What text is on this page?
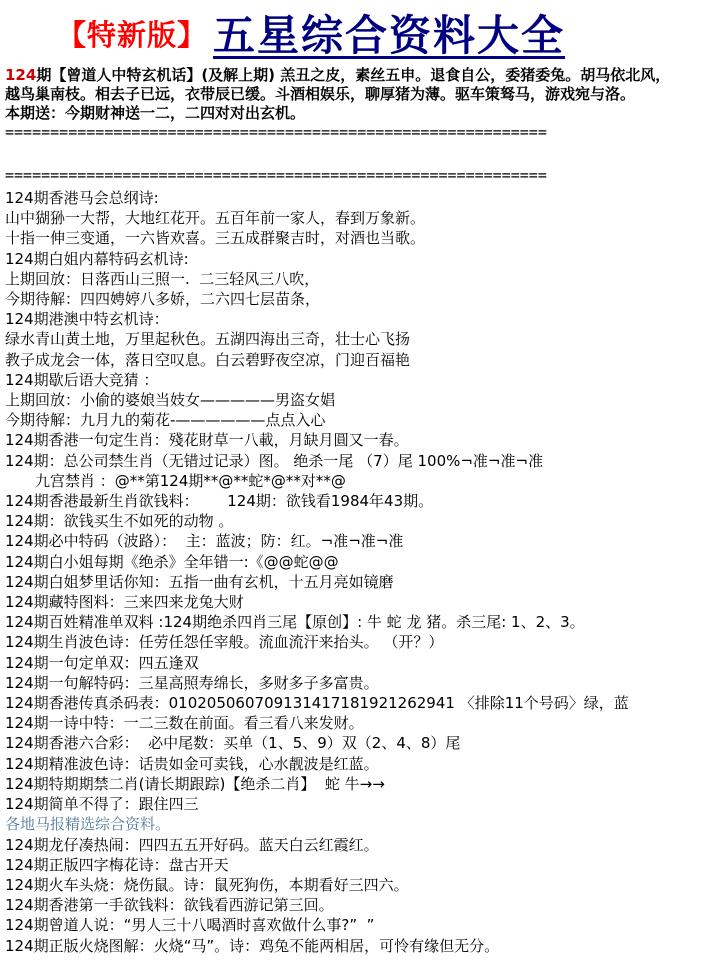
【特新版】 五星综合资料大全

124期【曾道人中特玄机话】(及解上期) 羔丑之皮，素丝五申。退食自公，委猪委兔。胡马依北风，
越鸟巢南枝。相去子已远，衣带辰已缓。斗酒相娱乐，聊厚猪为薄。驱车策驽马，游戏宛与洛。
本期送：今期财神送一二，二四对对出玄机。

============================================================
============================================================
124期香港马会总纲诗:
山中猢狲一大帮，大地红花开。五百年前一家人，春到万象新。
十指一伸三变通，一六皆欢喜。三五成群聚吉时，对酒也当歌。
124期白姐内幕特码玄机诗:
上期回放：日落西山三照一.  二三轻风三八吹，
今期待解：四四娉婷八多娇，二六四七层苗条，
124期港澳中特玄机诗：
绿水青山黄土地，万里起秋色。五湖四海出三奇，壮士心飞扬
教子成龙会一体，落日空叹息。白云碧野夜空凉，门迎百福艳
124期歇后语大竞猜 ：
上期回放：小偷的婆娘当妓女—————男盗女娼
今期待解：九月九的菊花-——————点点入心
124期香港一句定生肖：殘花財草一八載，月缺月圓又一春。
124期：总公司禁生肖（无错过记录）图。 绝杀一尾 （7）尾 100%¬准¬准¬准
　　九宫禁肖 ：@**第124期**@**蛇*@**对**@
124期香港最新生肖欲钱料：      124期：欲钱看1984年43期。
124期：欲钱买生不如死的动物 。
124期必中特码（波路）：  主：蓝波；防：红。¬准¬准¬准
124期白小姐每期《绝杀》全年错一:《@@蛇@@
124期白姐梦里话你知：五指一曲有玄机，十五月亮如镜磨
124期藏特图料：三来四来龙兔大财
124期百姓精准单双料 :124期绝杀四肖三尾【原创】: 牛 蛇 龙 猪。杀三尾: 1、2、3。
124期生肖波色诗：任劳任怨任宰般。流血流汗来抬头。 （开？）
124期一句定单双：四五逢双
124期一句解特码：三星高照寿绵长，多财多子多富贵。
124期香港传真杀码表：010205060709131417181921262941 〈排除11个号码〉绿，蓝
124期一诗中特：一二三数在前面。看三看八来发财。
124期香港六合彩：  必中尾数：买单（1、5、9）双（2、4、8）尾
124期精准波色诗：话贵如金可卖钱，心水靓波是红蓝。
124期特期期禁二肖(请长期跟踪)【绝杀二肖】  蛇 牛→→
124期简单不得了：跟住四三
各地马报精选综合资料。
124期龙仔凑热闹：四四五五开好码。蓝天白云红霞红。
124期正版四字梅花诗：盘古开天
124期火车头烧：烧伤鼠。诗：鼠死狗伤，本期看好三四六。
124期香港第一手欲钱料：欲钱看西游记第三回。
124期曾道人说：“男人三十八喝酒时喜欢做什么事?”  ”
124期正版火烧图解：火烧“马”。诗：鸡兔不能两相居，可怜有缘但无分。
